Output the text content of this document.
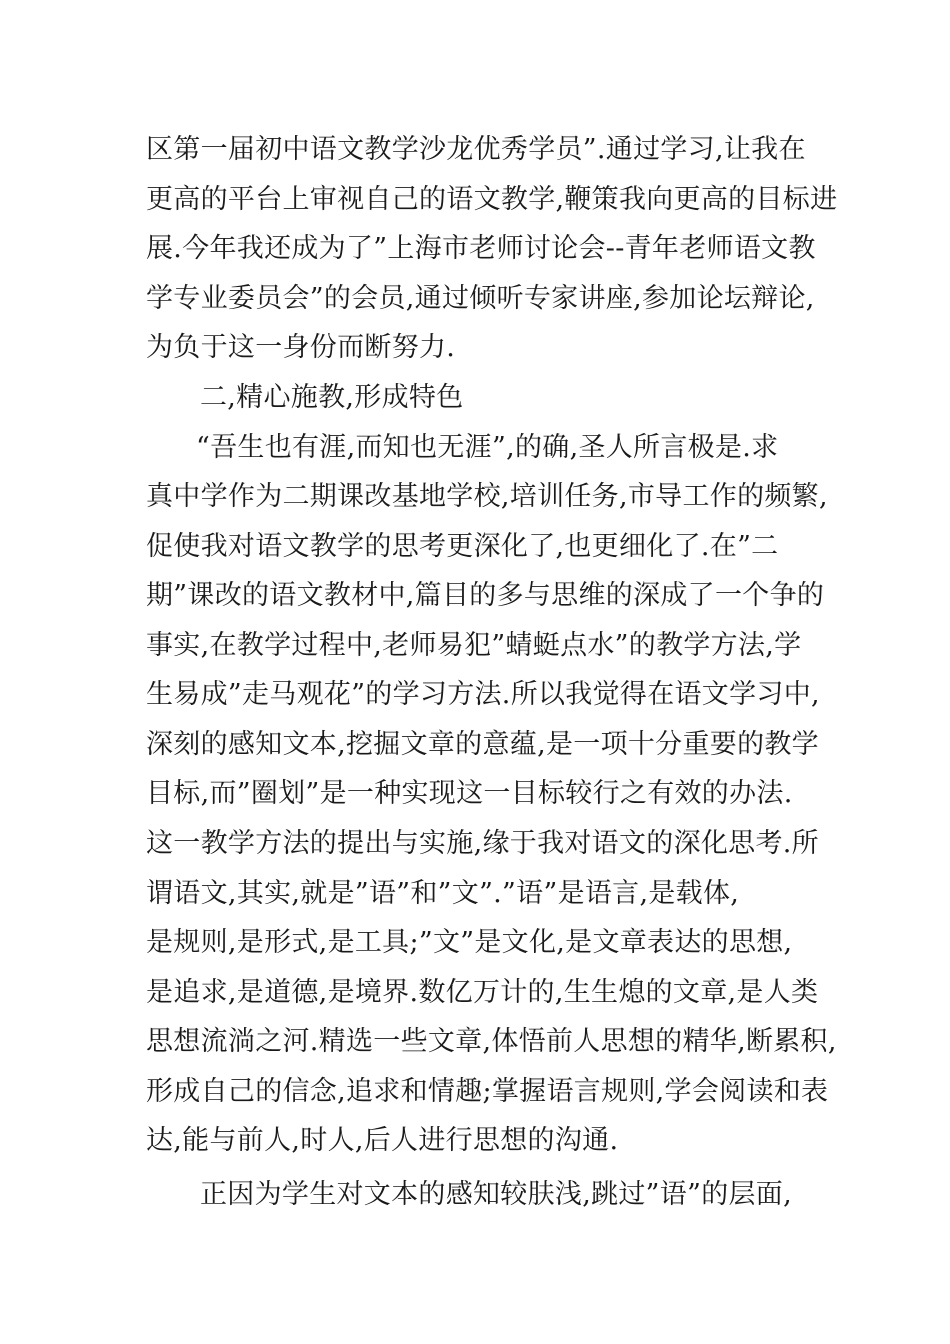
区第一届初中语文教学沙龙优秀学员”.通过学习,让我在

更高的平台上审视自己的语文教学,鞭策我向更高的目标进

展.今年我还成为了”上海市老师讨论会--青年老师语文教

学专业委员会”的会员,通过倾听专家讲座,参加论坛辩论,

为负于这一身份而断努力.

二,精心施教,形成特色

“吾生也有涯,而知也无涯”,的确,圣人所言极是.求

真中学作为二期课改基地学校,培训任务,市导工作的频繁,

促使我对语文教学的思考更深化了,也更细化了.在”二

期”课改的语文教材中,篇目的多与思维的深成了一个争的

事实,在教学过程中,老师易犯”蜻蜓点水”的教学方法,学

生易成”走马观花”的学习方法.所以我觉得在语文学习中,

深刻的感知文本,挖掘文章的意蕴,是一项十分重要的教学

目标,而”圈划”是一种实现这一目标较行之有效的办法.

这一教学方法的提出与实施,缘于我对语文的深化思考.所

谓语文,其实,就是”语”和”文”.”语”是语言,是载体,

是规则,是形式,是工具;”文”是文化,是文章表达的思想,

是追求,是道德,是境界.数亿万计的,生生熄的文章,是人类

思想流淌之河.精选一些文章,体悟前人思想的精华,断累积,

形成自己的信念,追求和情趣;掌握语言规则,学会阅读和表

达,能与前人,时人,后人进行思想的沟通.

正因为学生对文本的感知较肤浅,跳过”语”的层面,
